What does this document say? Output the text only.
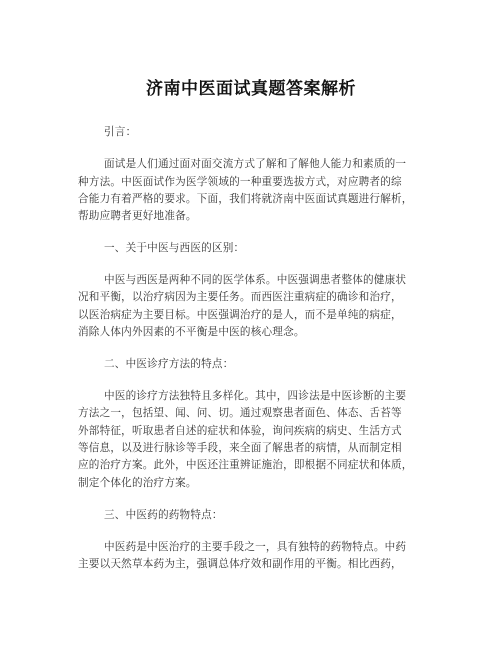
济南中医面试真题答案解析
引言：
面试是人们通过面对面交流方式了解和了解他人能力和素质的一
种方法。中医面试作为医学领域的一种重要选拔方式，对应聘者的综
合能力有着严格的要求。下面，我们将就济南中医面试真题进行解析，
帮助应聘者更好地准备。
一、关于中医与西医的区别：
中医与西医是两种不同的医学体系。中医强调患者整体的健康状
况和平衡，以治疗病因为主要任务。而西医注重病症的确诊和治疗，
以医治病症为主要目标。中医强调治疗的是人，而不是单纯的病症，
消除人体内外因素的不平衡是中医的核心理念。
二、中医诊疗方法的特点：
中医的诊疗方法独特且多样化。其中，四诊法是中医诊断的主要
方法之一，包括望、闻、问、切。通过观察患者面色、体态、舌苔等
外部特征，听取患者自述的症状和体验，询问疾病的病史、生活方式
等信息，以及进行脉诊等手段，来全面了解患者的病情，从而制定相
应的治疗方案。此外，中医还注重辨证施治，即根据不同症状和体质，
制定个体化的治疗方案。
三、中医药的药物特点：
中医药是中医治疗的主要手段之一，具有独特的药物特点。中药
主要以天然草本药为主，强调总体疗效和副作用的平衡。相比西药，
